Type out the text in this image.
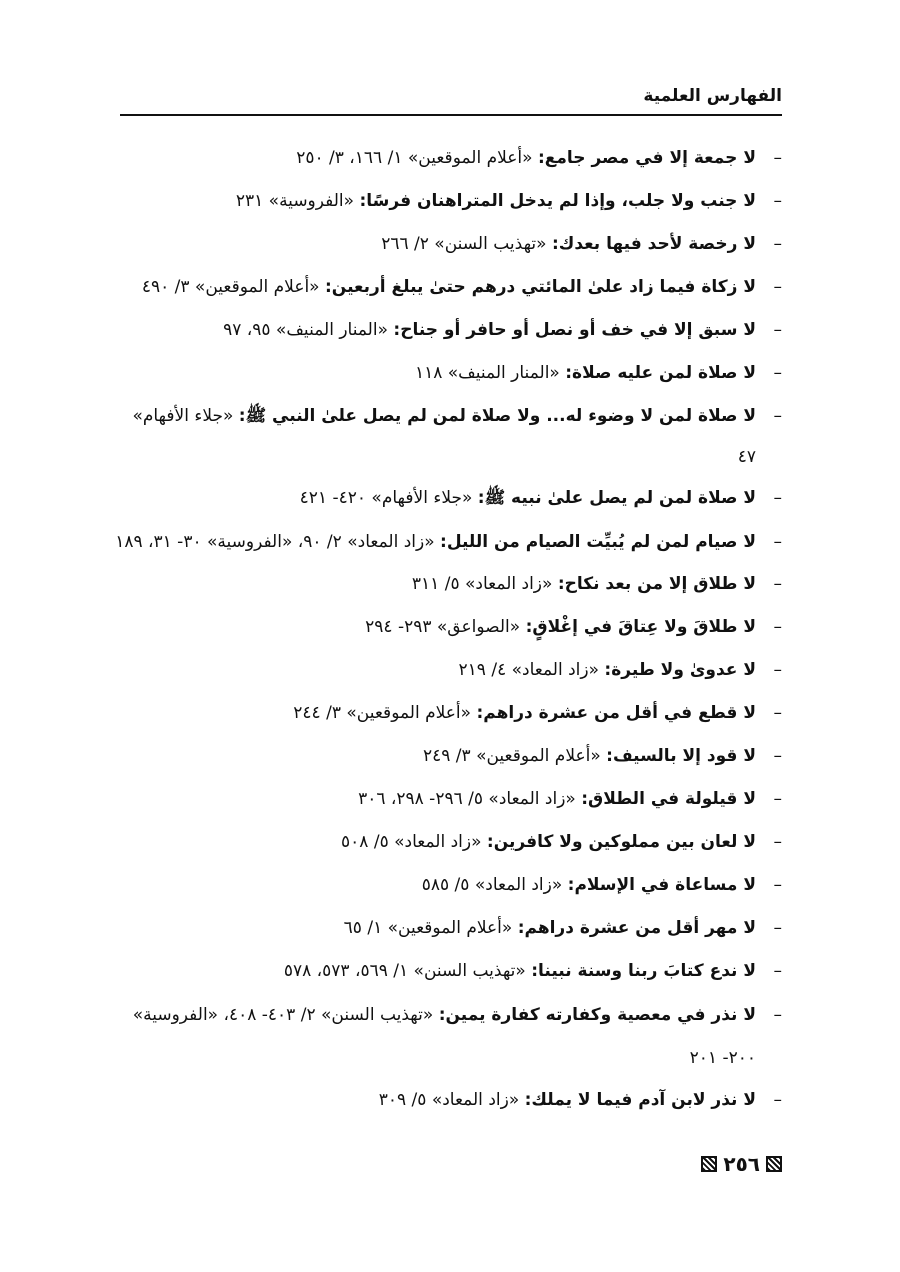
الفهارس العلمية
–
لا جمعة إلا في مصر جامع: «أعلام الموقعين» ١/ ١٦٦، ٣/ ٢٥٠
–
لا جنب ولا جلب، وإذا لم يدخل المتراهنان فرسًا: «الفروسية» ٢٣١
–
لا رخصة لأحد فيها بعدك: «تهذيب السنن» ٢/ ٢٦٦
–
لا زكاة فيما زاد علىٰ المائتي درهم حتىٰ يبلغ أربعين: «أعلام الموقعين» ٣/ ٤٩٠
–
لا سبق إلا في خف أو نصل أو حافر أو جناح: «المنار المنيف» ٩٥، ٩٧
–
لا صلاة لمن عليه صلاة: «المنار المنيف» ١١٨
–
لا صلاة لمن لا وضوء له... ولا صلاة لمن لم يصل علىٰ النبي ﷺ: «جلاء الأفهام» ٤٧
–
لا صلاة لمن لم يصل علىٰ نبيه ﷺ: «جلاء الأفهام» ٤٢٠- ٤٢١
–
لا صيام لمن لم يُبيِّت الصيام من الليل: «زاد المعاد» ٢/ ٩٠، «الفروسية» ٣٠- ٣١، ١٨٩
–
لا طلاق إلا من بعد نكاح: «زاد المعاد» ٥/ ٣١١
–
لا طلاقَ ولا عِتاقَ في إغْلاقٍ: «الصواعق» ٢٩٣- ٢٩٤
–
لا عدوىٰ ولا طيرة: «زاد المعاد» ٤/ ٢١٩
–
لا قطع في أقل من عشرة دراهم: «أعلام الموقعين» ٣/ ٢٤٤
–
لا قود إلا بالسيف: «أعلام الموقعين» ٣/ ٢٤٩
–
لا قيلولة في الطلاق: «زاد المعاد» ٥/ ٢٩٦- ٢٩٨، ٣٠٦
–
لا لعان بين مملوكين ولا كافرين: «زاد المعاد» ٥/ ٥٠٨
–
لا مساعاة في الإسلام: «زاد المعاد» ٥/ ٥٨٥
–
لا مهر أقل من عشرة دراهم: «أعلام الموقعين» ١/ ٦٥
–
لا ندع كتابَ ربنا وسنة نبينا: «تهذيب السنن» ١/ ٥٦٩، ٥٧٣، ٥٧٨
–
لا نذر في معصية وكفارته كفارة يمين: «تهذيب السنن» ٢/ ٤٠٣- ٤٠٨، «الفروسية» ٢٠٠- ٢٠١
–
لا نذر لابن آدم فيما لا يملك: «زاد المعاد» ٥/ ٣٠٩
٢٥٦
